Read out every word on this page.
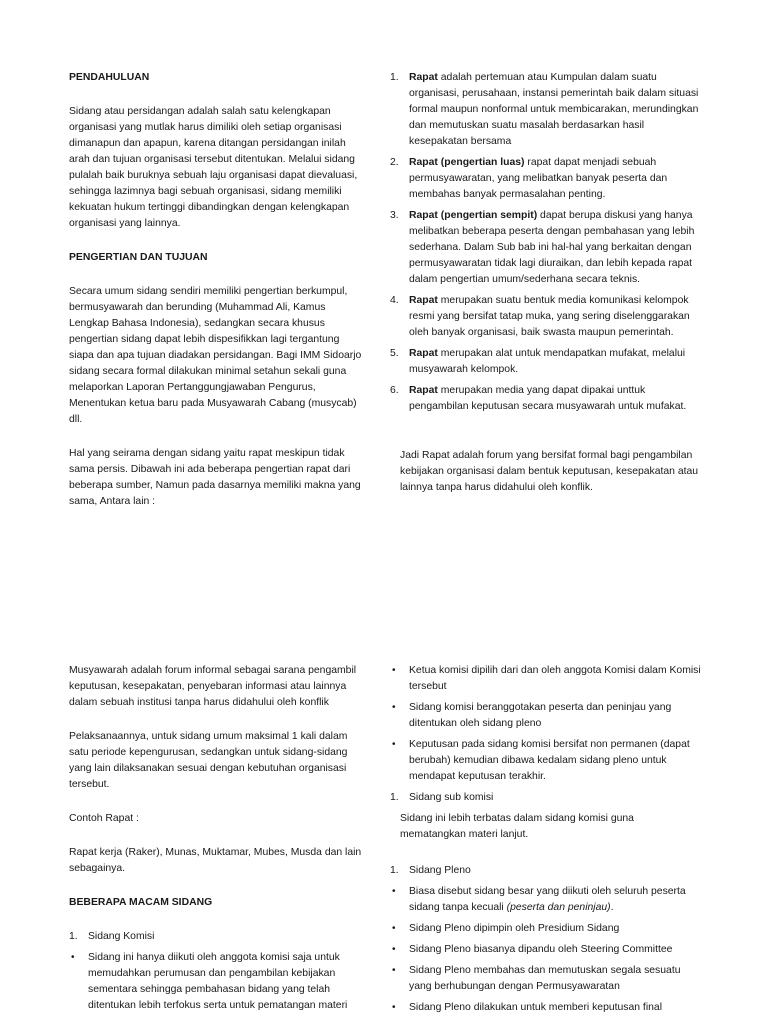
PENDAHULUAN

Sidang atau persidangan adalah salah satu kelengkapan organisasi yang mutlak harus dimiliki oleh setiap organisasi dimanapun dan apapun, karena ditangan persidangan inilah arah dan tujuan organisasi tersebut ditentukan. Melalui sidang pulalah baik buruknya sebuah laju organisasi dapat dievaluasi, sehingga lazimnya bagi sebuah organisasi, sidang memiliki kekuatan hukum tertinggi dibandingkan dengan kelengkapan organisasi yang lainnya.

PENGERTIAN DAN TUJUAN

Secara umum sidang sendiri memiliki pengertian berkumpul, bermusyawarah dan berunding (Muhammad Ali, Kamus Lengkap Bahasa Indonesia), sedangkan secara khusus pengertian sidang dapat lebih dispesifikkan lagi tergantung siapa dan apa tujuan diadakan persidangan. Bagi IMM Sidoarjo sidang secara formal dilakukan minimal setahun sekali guna melaporkan Laporan Pertanggungjawaban Pengurus, Menentukan ketua baru pada Musyawarah Cabang (musycab) dll.

Hal yang seirama dengan sidang yaitu rapat meskipun tidak sama persis. Dibawah ini ada beberapa pengertian rapat dari beberapa sumber, Namun pada dasarnya memiliki makna yang sama, Antara lain :

1. Rapat adalah pertemuan atau Kumpulan dalam suatu organisasi, perusahaan, instansi pemerintah baik dalam situasi formal maupun nonformal untuk membicarakan, merundingkan dan memutuskan suatu masalah berdasarkan hasil kesepakatan bersama
2. Rapat (pengertian luas) rapat dapat menjadi sebuah permusyawaratan, yang melibatkan banyak peserta dan membahas banyak permasalahan penting.
3. Rapat (pengertian sempit) dapat berupa diskusi yang hanya melibatkan beberapa peserta dengan pembahasan yang lebih sederhana. Dalam Sub bab ini hal-hal yang berkaitan dengan permusyawaratan tidak lagi diuraikan, dan lebih kepada rapat dalam pengertian umum/sederhana secara teknis.
4. Rapat merupakan suatu bentuk media komunikasi kelompok resmi yang bersifat tatap muka, yang sering diselenggarakan oleh banyak organisasi, baik swasta maupun pemerintah.
5. Rapat merupakan alat untuk mendapatkan mufakat, melalui musyawarah kelompok.
6. Rapat merupakan media yang dapat dipakai unttuk pengambilan keputusan secara musyawarah untuk mufakat.

Jadi Rapat adalah forum yang bersifat formal bagi pengambilan kebijakan organisasi dalam bentuk keputusan, kesepakatan atau lainnya tanpa harus didahului oleh konflik.

Musyawarah adalah forum informal sebagai sarana pengambil keputusan, kesepakatan, penyebaran informasi atau lainnya dalam sebuah institusi tanpa harus didahului oleh konflik

Pelaksanaannya, untuk sidang umum maksimal 1 kali dalam satu periode kepengurusan, sedangkan untuk sidang-sidang yang lain dilaksanakan sesuai dengan kebutuhan organisasi tersebut.

Contoh Rapat :

Rapat kerja (Raker), Munas, Muktamar, Mubes, Musda dan lain sebagainya.

BEBERAPA MACAM SIDANG

1. Sidang Komisi
•	Sidang ini hanya diikuti oleh anggota komisi saja untuk memudahkan perumusan dan pengambilan kebijakan sementara sehingga pembahasan bidang yang telah ditentukan lebih terfokus serta untuk pematangan materi
•	Ketua komisi dipilih dari dan oleh anggota Komisi dalam Komisi tersebut
•	Sidang komisi beranggotakan peserta dan peninjau yang ditentukan oleh sidang pleno
•	Keputusan pada sidang komisi bersifat non permanen (dapat berubah) kemudian dibawa kedalam sidang pleno untuk mendapat keputusan terakhir.
1. Sidang sub komisi

Sidang ini lebih terbatas dalam sidang komisi guna mematangkan materi lanjut.

1. Sidang Pleno
•	Biasa disebut sidang besar yang diikuti oleh seluruh peserta sidang tanpa kecuali (peserta dan peninjau).
•	Sidang Pleno dipimpin oleh Presidium Sidang
•	Sidang Pleno biasanya dipandu oleh Steering Committee
•	Sidang Pleno membahas dan memutuskan segala sesuatu yang berhubungan dengan Permusyawaratan
•	Sidang Pleno dilakukan untuk memberi keputusan final
